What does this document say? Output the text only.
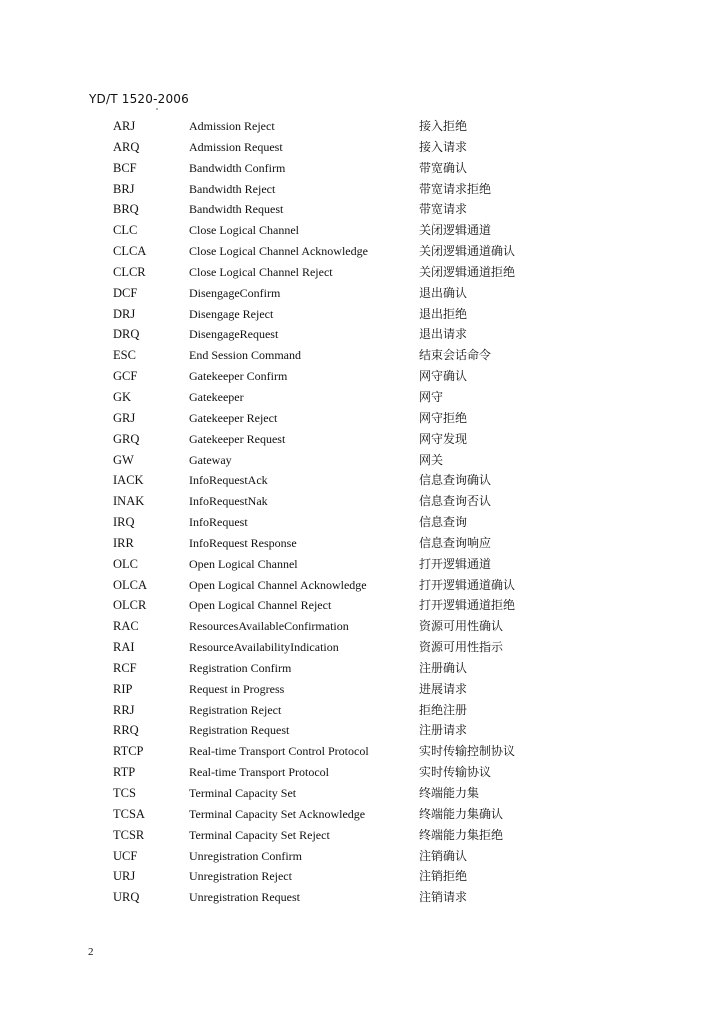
YD/T 1520-2006
ARJ	Admission Reject	接入拒绝
ARQ	Admission Request	接入请求
BCF	Bandwidth Confirm	带宽确认
BRJ	Bandwidth Reject	带宽请求拒绝
BRQ	Bandwidth Request	带宽请求
CLC	Close Logical Channel	关闭逻辑通道
CLCA	Close Logical Channel Acknowledge	关闭逻辑通道确认
CLCR	Close Logical Channel Reject	关闭逻辑通道拒绝
DCF	DisengageConfirm	退出确认
DRJ	Disengage Reject	退出拒绝
DRQ	DisengageRequest	退出请求
ESC	End Session Command	结束会话命令
GCF	Gatekeeper Confirm	网守确认
GK	Gatekeeper	网守
GRJ	Gatekeeper Reject	网守拒绝
GRQ	Gatekeeper Request	网守发现
GW	Gateway	网关
IACK	InfoRequestAck	信息查询确认
INAK	InfoRequestNak	信息查询否认
IRQ	InfoRequest	信息查询
IRR	InfoRequest Response	信息查询响应
OLC	Open Logical Channel	打开逻辑通道
OLCA	Open Logical Channel Acknowledge	打开逻辑通道确认
OLCR	Open Logical Channel Reject	打开逻辑通道拒绝
RAC	ResourcesAvailableConfirmation	资源可用性确认
RAI	ResourceAvailabilityIndication	资源可用性指示
RCF	Registration Confirm	注册确认
RIP	Request in Progress	进展请求
RRJ	Registration Reject	拒绝注册
RRQ	Registration Request	注册请求
RTCP	Real-time Transport Control Protocol	实时传输控制协议
RTP	Real-time Transport Protocol	实时传输协议
TCS	Terminal Capacity Set	终端能力集
TCSA	Terminal Capacity Set Acknowledge	终端能力集确认
TCSR	Terminal Capacity Set Reject	终端能力集拒绝
UCF	Unregistration Confirm	注销确认
URJ	Unregistration Reject	注销拒绝
URQ	Unregistration Request	注销请求
2
